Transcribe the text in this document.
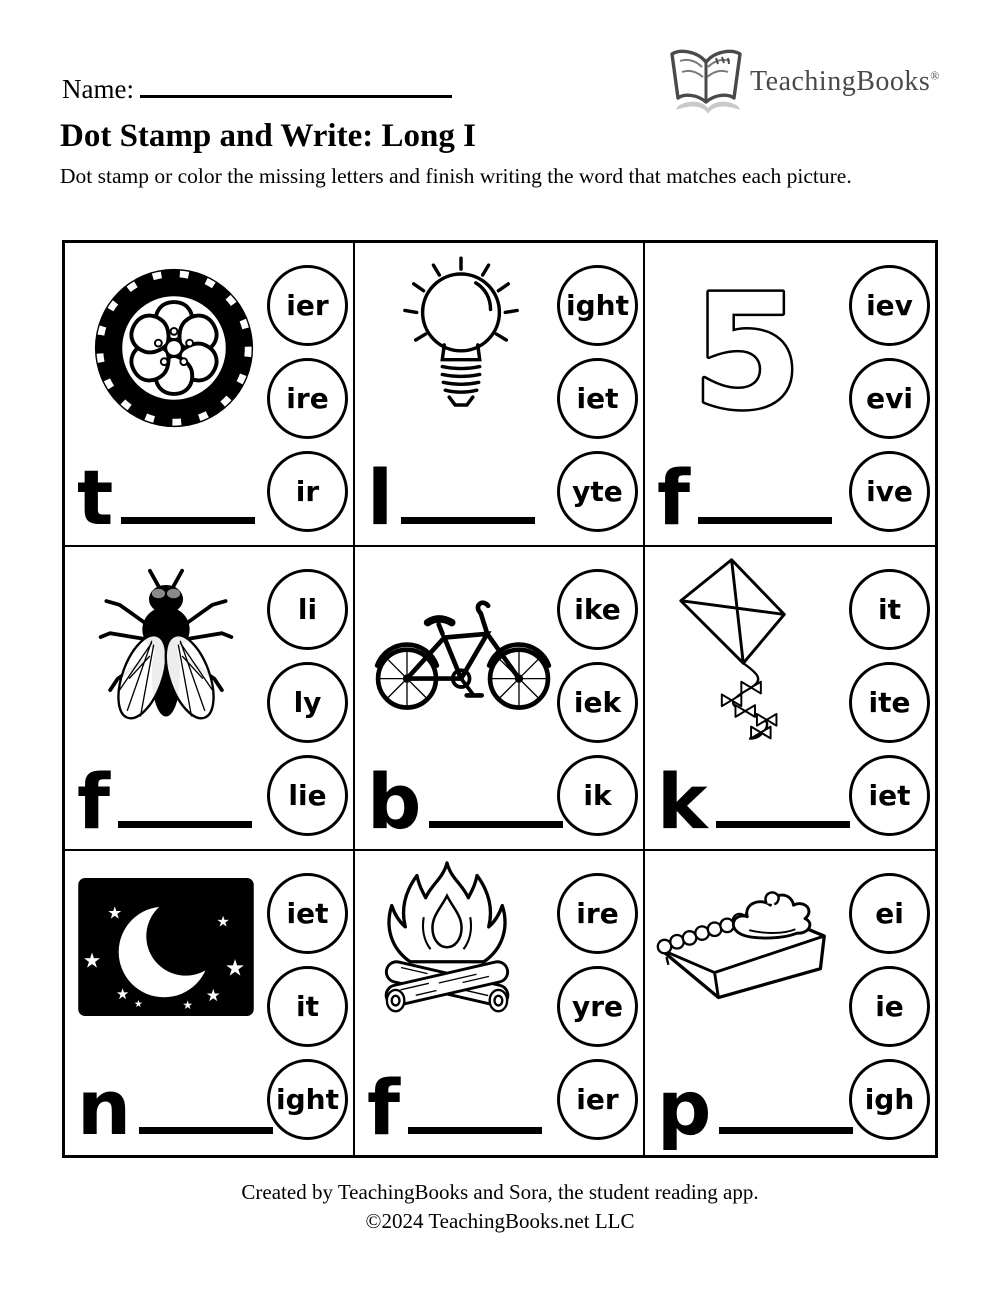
Name:	TeachingBooks®
Dot Stamp and Write: Long I

Dot stamp or color the missing letters and finish writing the word that matches each picture.

ier
ire
ir
t
ight
iet
yte
l
5 iev
evi
ive
f
li
ly
lie
f
ike
iek
ik
b
it
ite
iet
k
★
★
★
★
★
★
★
★	★
iet
it
ight
n
ire
yre
ier
f
ei
ie
igh
p
Created by TeachingBooks and Sora, the student reading app.
©2024 TeachingBooks.net LLC
